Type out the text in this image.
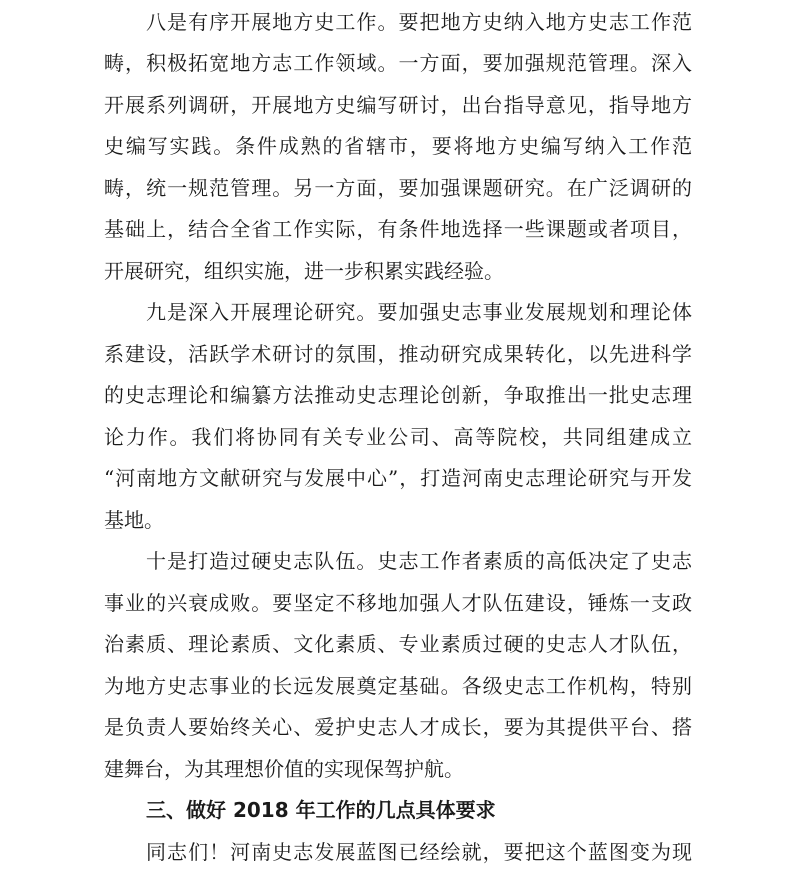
八是有序开展地方史工作。要把地方史纳入地方史志工作范
畴，积极拓宽地方志工作领域。一方面，要加强规范管理。深入
开展系列调研，开展地方史编写研讨，出台指导意见，指导地方
史编写实践。条件成熟的省辖市，要将地方史编写纳入工作范
畴，统一规范管理。另一方面，要加强课题研究。在广泛调研的
基础上，结合全省工作实际，有条件地选择一些课题或者项目，
开展研究，组织实施，进一步积累实践经验。
九是深入开展理论研究。要加强史志事业发展规划和理论体
系建设，活跃学术研讨的氛围，推动研究成果转化，以先进科学
的史志理论和编纂方法推动史志理论创新，争取推出一批史志理
论力作。我们将协同有关专业公司、高等院校，共同组建成立
“河南地方文献研究与发展中心”，打造河南史志理论研究与开发
基地。
十是打造过硬史志队伍。史志工作者素质的高低决定了史志
事业的兴衰成败。要坚定不移地加强人才队伍建设，锤炼一支政
治素质、理论素质、文化素质、专业素质过硬的史志人才队伍，
为地方史志事业的长远发展奠定基础。各级史志工作机构，特别
是负责人要始终关心、爱护史志人才成长，要为其提供平台、搭
建舞台，为其理想价值的实现保驾护航。
三、做好 2018 年工作的几点具体要求
同志们！河南史志发展蓝图已经绘就，要把这个蓝图变为现
